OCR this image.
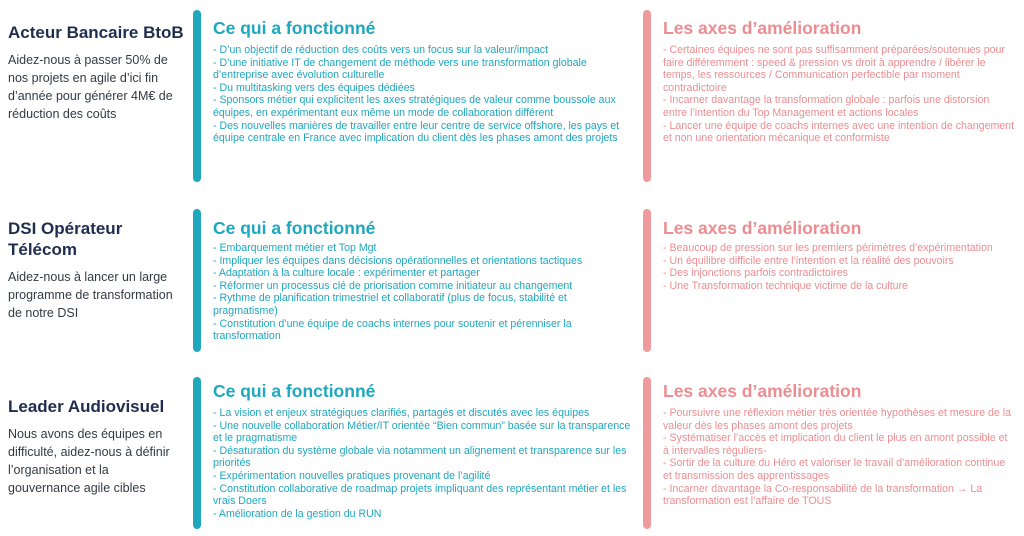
Acteur Bancaire BtoB
Aidez-nous à passer 50% de nos projets en agile d’ici fin d’année pour générer 4M€ de réduction des coûts
Ce qui a fonctionné
- D’un objectif de réduction des coûts vers un focus sur la valeur/impact
- D’une initiative IT de changement de méthode vers une transformation globale d’entreprise avec évolution culturelle
- Du multitasking vers des équipes dédiées
- Sponsors métier qui explicitent les axes stratégiques de valeur comme boussole aux équipes, en expérimentant eux même un mode de collaboration différent
- Des nouvelles manières de travailler entre leur centre de service offshore, les pays et équipe centrale en France avec implication du client dès les phases amont des projets
Les axes d’amélioration
- Certaines équipes ne sont pas suffisamment préparées/soutenues pour faire différemment : speed & pression vs droit à apprendre / libérer le temps, les ressources / Communication perfectible par moment contradictoire
- Incarner davantage la transformation globale : parfois une distorsion entre l’intention du Top Management et actions locales
- Lancer une équipe de coachs internes avec une intention de changement et non une orientation mécanique et conformiste
DSI Opérateur Télécom
Aidez-nous à lancer un large programme de transformation de notre DSI
Ce qui a fonctionné
- Embarquement métier et Top Mgt
- Impliquer les équipes dans décisions opérationnelles et orientations tactiques
- Adaptation à la culture locale : expérimenter et partager
- Réformer un processus clé de priorisation comme initiateur au changement
- Rythme de planification trimestriel et collaboratif (plus de focus, stabilité et pragmatisme)
- Constitution d’une équipe de coachs internes pour soutenir et pérenniser la transformation
Les axes d’amélioration
- Beaucoup de pression sur les premiers périmètres d’expérimentation
- Un équilibre difficile entre l’intention et la réalité des pouvoirs
- Des injonctions parfois contradictoires
- Une Transformation technique victime de la culture
Leader Audiovisuel
Nous avons des équipes en difficulté, aidez-nous à définir l’organisation et la gouvernance agile cibles
Ce qui a fonctionné
- La vision et enjeux stratégiques clarifiés, partagés et discutés avec les équipes
- Une nouvelle collaboration Métier/IT orientée “Bien commun” basée sur la transparence et le pragmatisme
- Désaturation du système globale via notamment un alignement et transparence sur les priorités
- Expérimentation nouvelles pratiques provenant de l’agilité
- Constitution collaborative de roadmap projets impliquant des représentant métier et les vrais Doers
- Amélioration de la gestion du RUN
Les axes d’amélioration
- Poursuivre une réflexion métier très orientée hypothèses et mesure de la valeur dès les phases amont des projets
- Systématiser l’accès et implication du client le plus en amont possible et à intervalles réguliers-
- Sortir de la culture du Héro et valoriser le travail d’amélioration continue et transmission des apprentissages
- Incarner davantage la Co-responsabilité de la transformation → La transformation est l’affaire de TOUS
